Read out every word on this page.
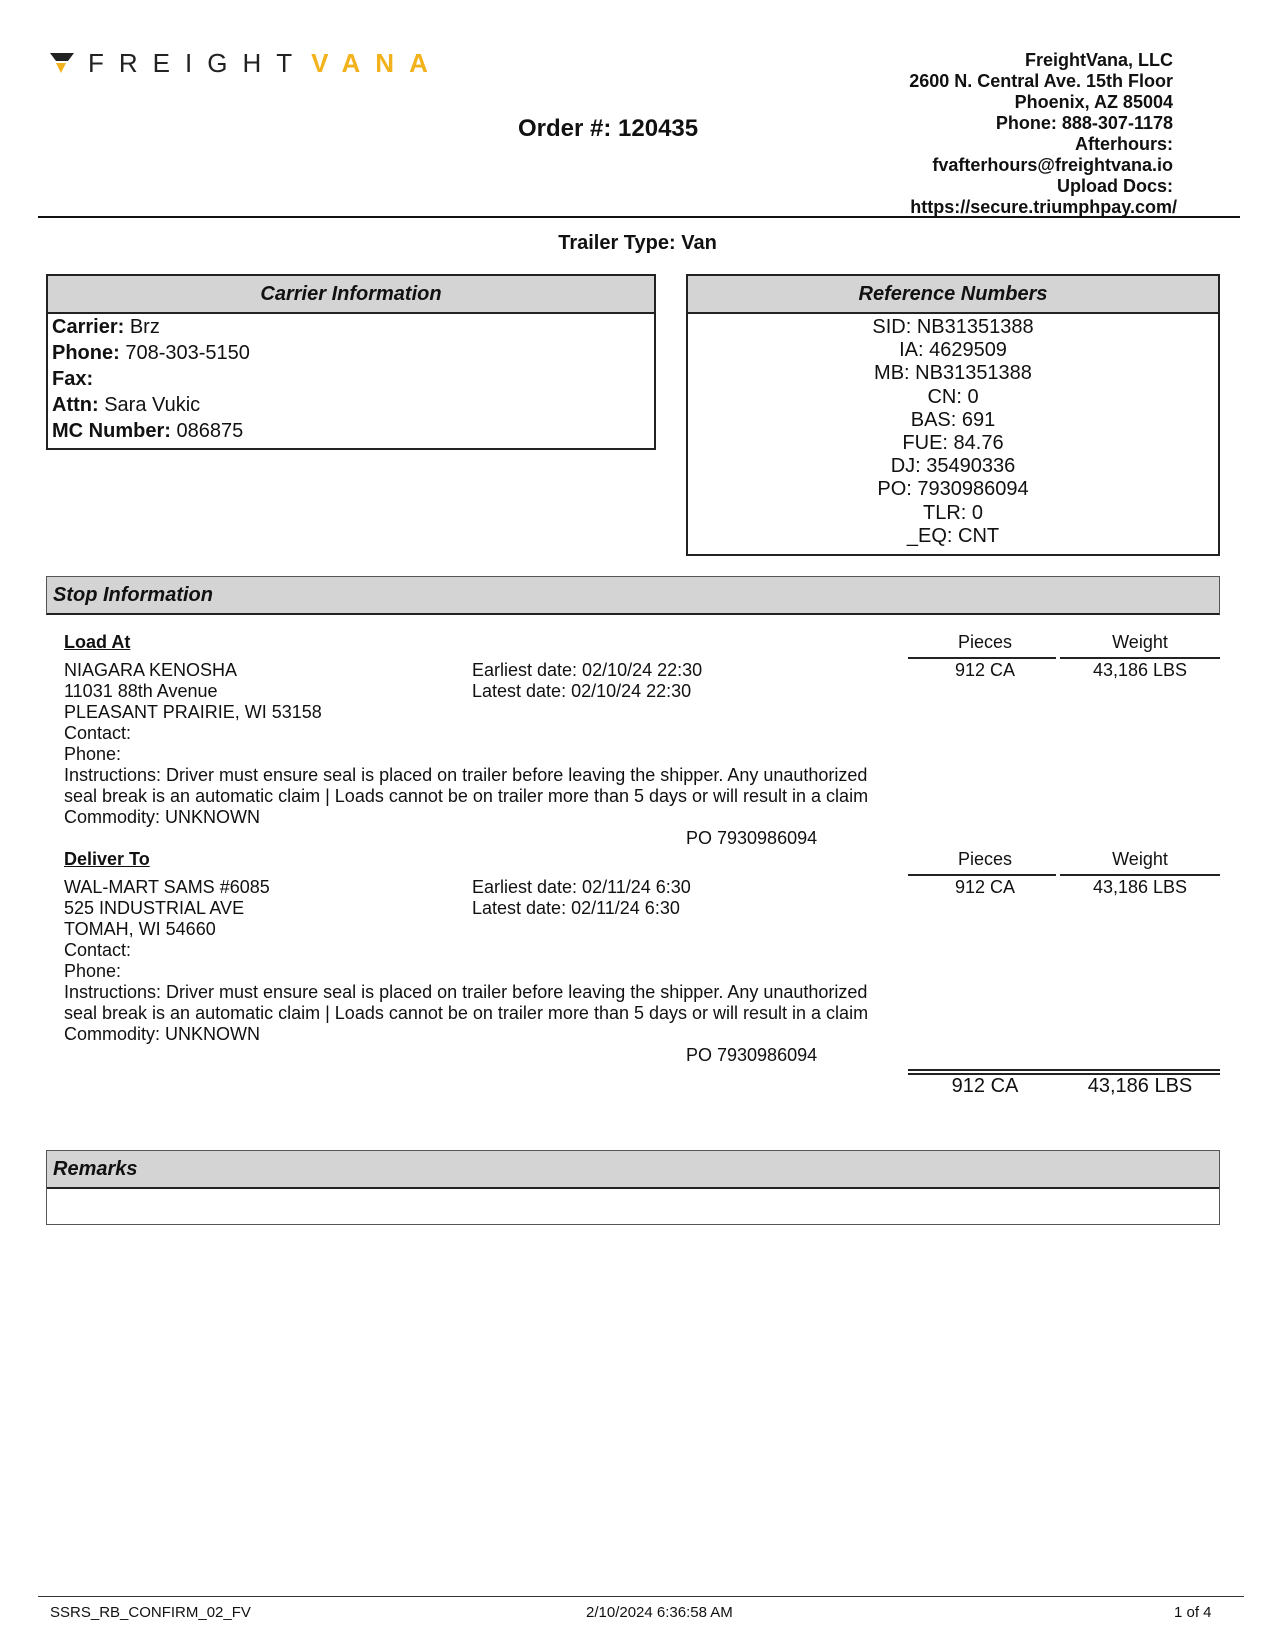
FREIGHT VANA	FreightVana, LLC
2600 N. Central Ave. 15th Floor
Phoenix, AZ 85004
Phone: 888-307-1178
Afterhours:
fvafterhours@freightvana.io
Upload Docs:
https://secure.triumphpay.com/
Order #: 120435
Trailer Type: Van
Carrier Information
Carrier: Brz
Phone: 708-303-5150
Fax:
Attn: Sara Vukic
MC Number: 086875
Reference Numbers
SID: NB31351388
IA: 4629509
MB: NB31351388
CN: 0
BAS: 691
FUE: 84.76
DJ: 35490336
PO: 7930986094
TLR: 0
_EQ: CNT
Stop Information
Load At	Pieces	Weight
912 CA	43,186 LBS
NIAGARA KENOSHA
11031 88th Avenue
PLEASANT PRAIRIE, WI 53158
Contact:
Phone:
Instructions: Driver must ensure seal is placed on trailer before leaving the shipper. Any unauthorized seal break is an automatic claim | Loads cannot be on trailer more than 5 days or will result in a claim
Commodity: UNKNOWN
Earliest date: 02/10/24 22:30
Latest date: 02/10/24 22:30
PO 7930986094
Deliver To	Pieces	Weight
912 CA	43,186 LBS
WAL-MART SAMS #6085
525 INDUSTRIAL AVE
TOMAH, WI 54660
Contact:
Phone:
Instructions: Driver must ensure seal is placed on trailer before leaving the shipper. Any unauthorized seal break is an automatic claim | Loads cannot be on trailer more than 5 days or will result in a claim
Commodity: UNKNOWN
Earliest date: 02/11/24 6:30
Latest date: 02/11/24 6:30
PO 7930986094
912 CA	43,186 LBS
Remarks
SSRS_RB_CONFIRM_02_FV	2/10/2024 6:36:58 AM	1 of 4
